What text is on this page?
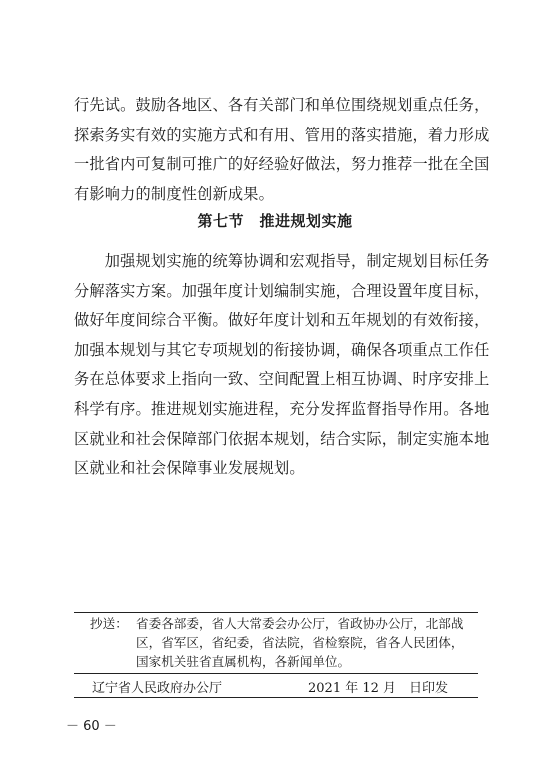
行先试。鼓励各地区、各有关部门和单位围绕规划重点任务，
探索务实有效的实施方式和有用、管用的落实措施，着力形成
一批省内可复制可推广的好经验好做法，努力推荐一批在全国
有影响力的制度性创新成果。
第七节　推进规划实施
　　加强规划实施的统筹协调和宏观指导，制定规划目标任务
分解落实方案。加强年度计划编制实施，合理设置年度目标，
做好年度间综合平衡。做好年度计划和五年规划的有效衔接，
加强本规划与其它专项规划的衔接协调，确保各项重点工作任
务在总体要求上指向一致、空间配置上相互协调、时序安排上
科学有序。推进规划实施进程，充分发挥监督指导作用。各地
区就业和社会保障部门依据本规划，结合实际，制定实施本地
区就业和社会保障事业发展规划。
抄送： 省委各部委，省人大常委会办公厅，省政协办公厅，北部战
区，省军区，省纪委，省法院，省检察院，省各人民团体，
国家机关驻省直属机构，各新闻单位。
辽宁省人民政府办公厅	2021 年 12 月　日印发
－ 60 －
